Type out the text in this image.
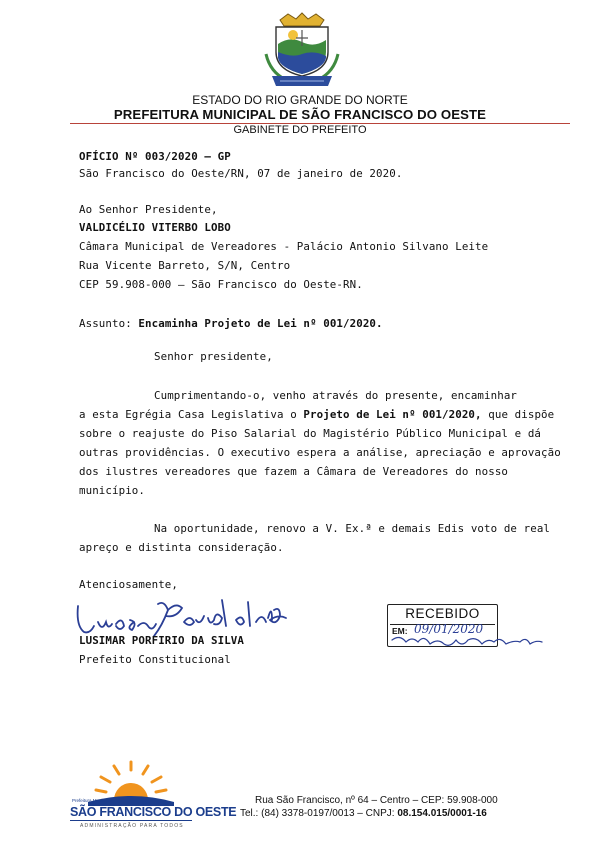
ESTADO DO RIO GRANDE DO NORTE
PREFEITURA MUNICIPAL DE SÃO FRANCISCO DO OESTE
GABINETE DO PREFEITO
OFÍCIO Nº 003/2020 – GP
São Francisco do Oeste/RN, 07 de janeiro de 2020.
Ao Senhor Presidente,
VALDICÉLIO VITERBO LOBO
Câmara Municipal de Vereadores - Palácio Antonio Silvano Leite
Rua Vicente Barreto, S/N, Centro
CEP 59.908-000 – São Francisco do Oeste-RN.
Assunto: Encaminha Projeto de Lei nº 001/2020.
Senhor presidente,
Cumprimentando-o, venho através do presente, encaminhar
a esta Egrégia Casa Legislativa o Projeto de Lei nº 001/2020, que dispõe
sobre o reajuste do Piso Salarial do Magistério Público Municipal e dá
outras providências. O executivo espera a análise, apreciação e aprovação
dos ilustres vereadores que fazem a Câmara de Vereadores do nosso
município.
Na oportunidade, renovo a V. Ex.ª e demais Edis voto de real
apreço e distinta consideração.
Atenciosamente,
LUSIMAR PORFIRIO DA SILVA
Prefeito Constitucional
RECEBIDO
EM: 09/01/2020
Prefeitura Municipal
SÃO FRANCISCO DO OESTE
ADMINISTRAÇÃO PARA TODOS
Rua São Francisco, nº 64 – Centro – CEP: 59.908-000
Tel.: (84) 3378-0197/0013 – CNPJ: 08.154.015/0001-16
